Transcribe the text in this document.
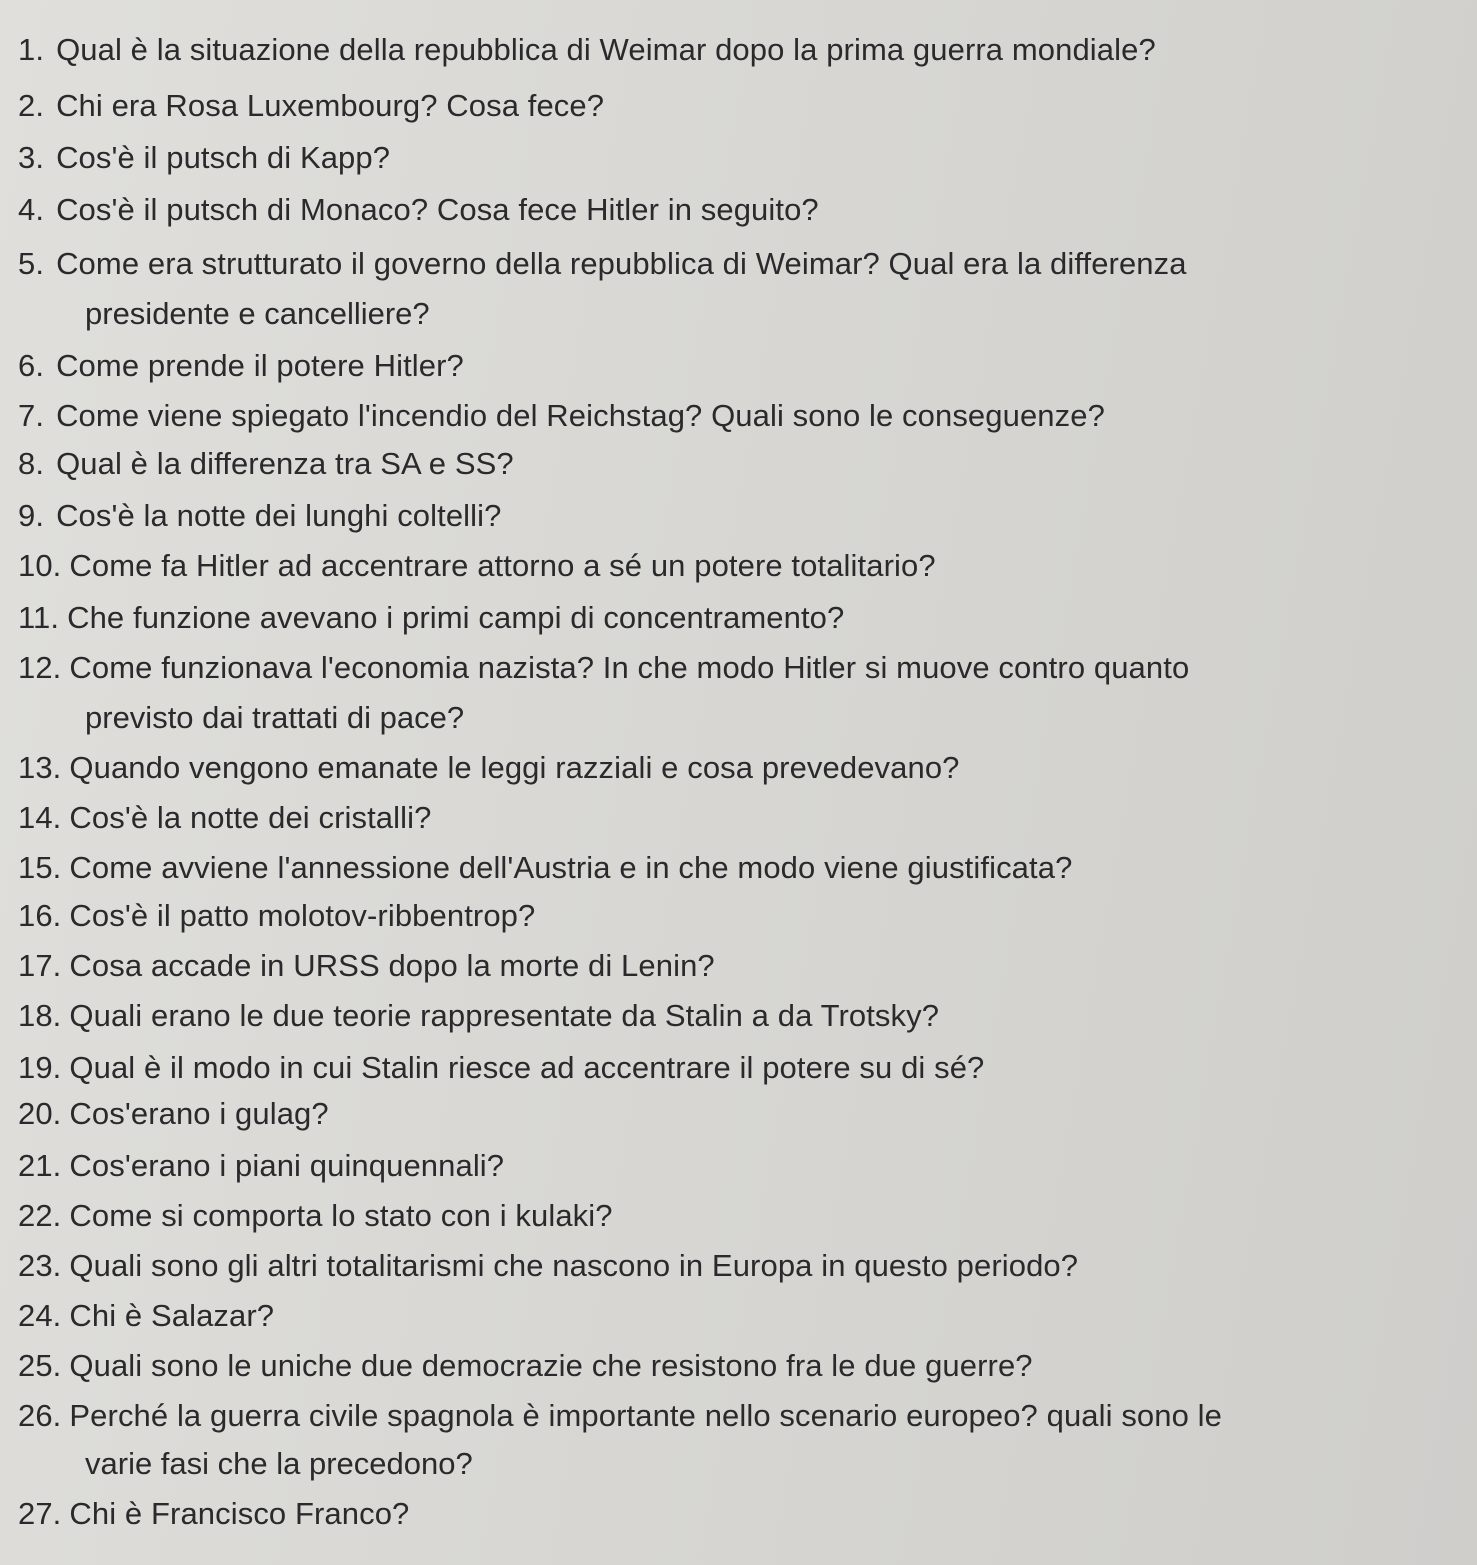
1. Qual è la situazione della repubblica di Weimar dopo la prima guerra mondiale?
2. Chi era Rosa Luxembourg? Cosa fece?
3. Cos'è il putsch di Kapp?
4. Cos'è il putsch di Monaco? Cosa fece Hitler in seguito?
5. Come era strutturato il governo della repubblica di Weimar? Qual era la differenza
presidente e cancelliere?
6. Come prende il potere Hitler?
7. Come viene spiegato l'incendio del Reichstag? Quali sono le conseguenze?
8. Qual è la differenza tra SA e SS?
9. Cos'è la notte dei lunghi coltelli?
10. Come fa Hitler ad accentrare attorno a sé un potere totalitario?
11. Che funzione avevano i primi campi di concentramento?
12. Come funzionava l'economia nazista? In che modo Hitler si muove contro quanto
previsto dai trattati di pace?
13. Quando vengono emanate le leggi razziali e cosa prevedevano?
14. Cos'è la notte dei cristalli?
15. Come avviene l'annessione dell'Austria e in che modo viene giustificata?
16. Cos'è il patto molotov-ribbentrop?
17. Cosa accade in URSS dopo la morte di Lenin?
18. Quali erano le due teorie rappresentate da Stalin a da Trotsky?
19. Qual è il modo in cui Stalin riesce ad accentrare il potere su di sé?
20. Cos'erano i gulag?
21. Cos'erano i piani quinquennali?
22. Come si comporta lo stato con i kulaki?
23. Quali sono gli altri totalitarismi che nascono in Europa in questo periodo?
24. Chi è Salazar?
25. Quali sono le uniche due democrazie che resistono fra le due guerre?
26. Perché la guerra civile spagnola è importante nello scenario europeo? quali sono le
varie fasi che la precedono?
27. Chi è Francisco Franco?
